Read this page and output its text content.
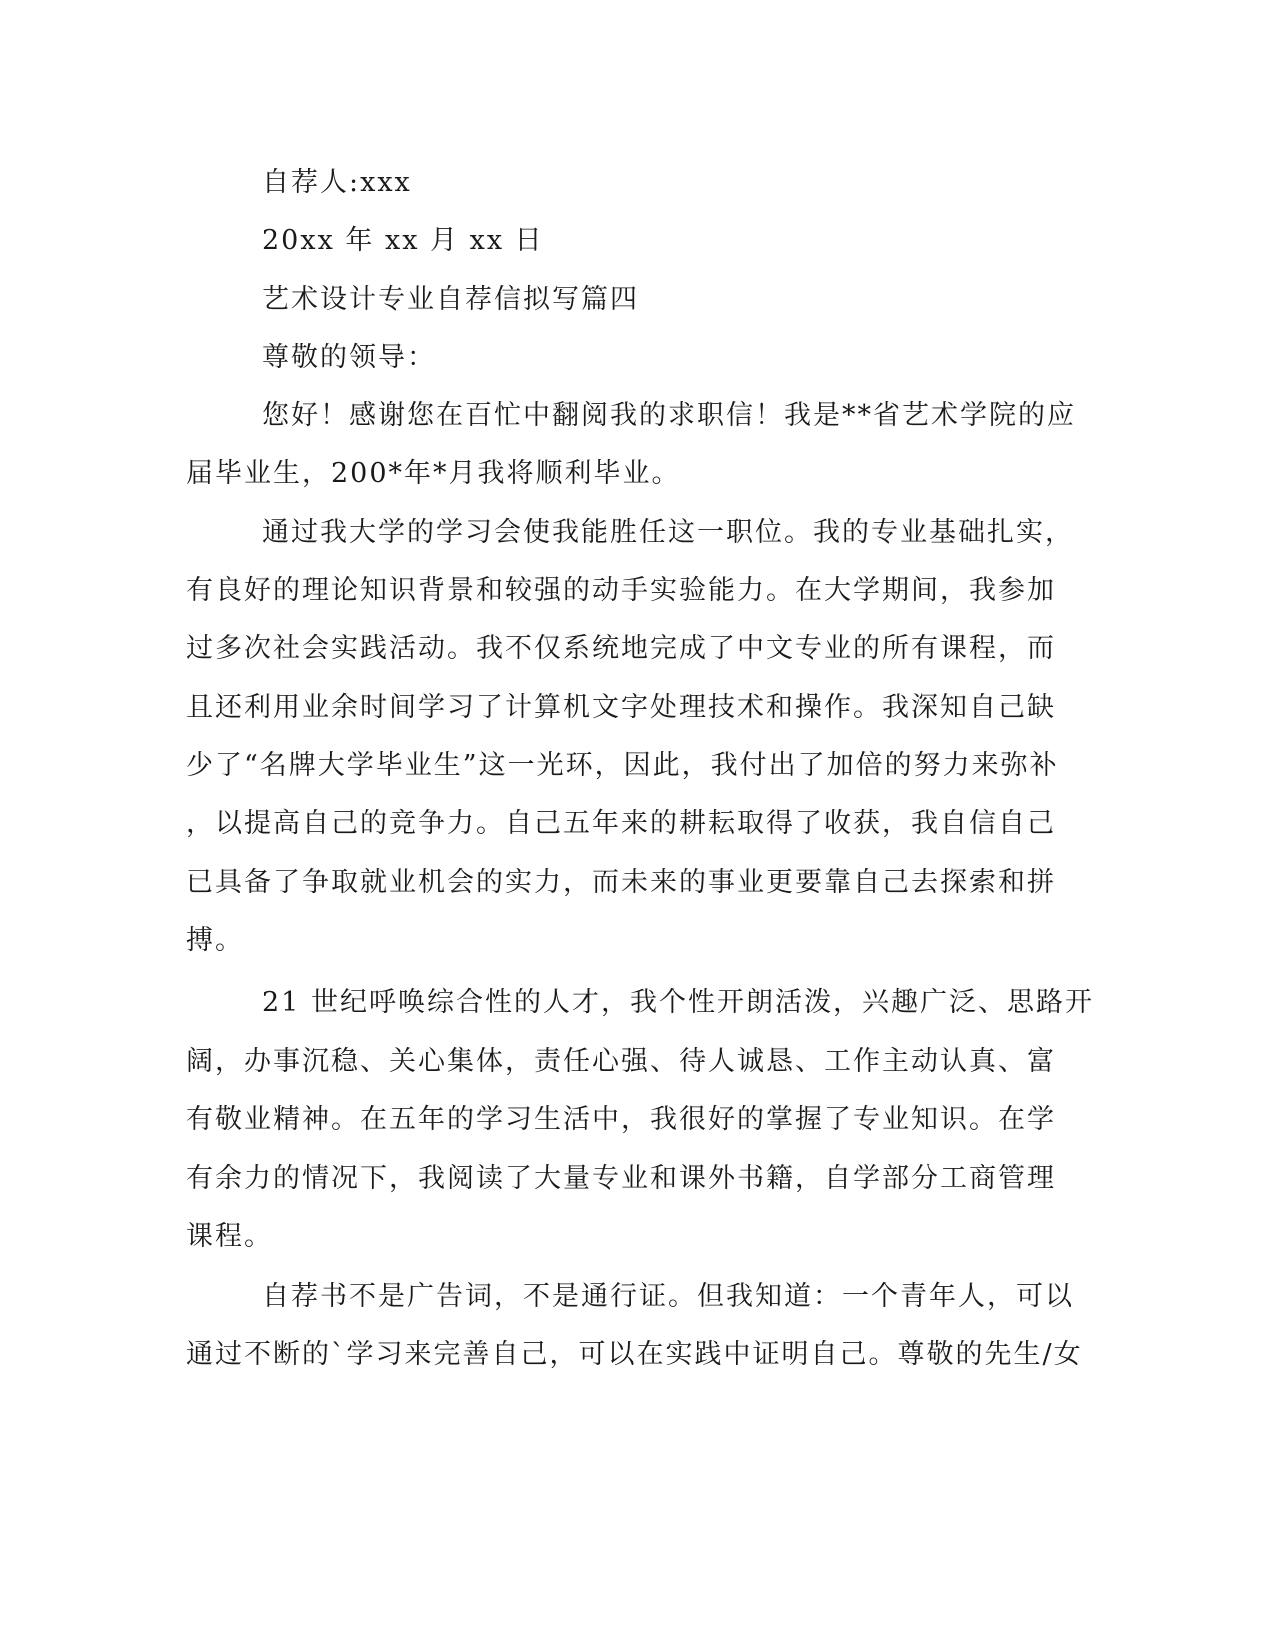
自荐人:xxx
20xx 年 xx 月 xx 日
艺术设计专业自荐信拟写篇四
尊敬的领导：
您好！感谢您在百忙中翻阅我的求职信！我是**省艺术学院的应
届毕业生，200*年*月我将顺利毕业。
通过我大学的学习会使我能胜任这一职位。我的专业基础扎实，
有良好的理论知识背景和较强的动手实验能力。在大学期间，我参加
过多次社会实践活动。我不仅系统地完成了中文专业的所有课程，而
且还利用业余时间学习了计算机文字处理技术和操作。我深知自己缺
少了“名牌大学毕业生”这一光环，因此，我付出了加倍的努力来弥补
，以提高自己的竞争力。自己五年来的耕耘取得了收获，我自信自己
已具备了争取就业机会的实力，而未来的事业更要靠自己去探索和拼
搏。
21 世纪呼唤综合性的人才，我个性开朗活泼，兴趣广泛、思路开
阔，办事沉稳、关心集体，责任心强、待人诚恳、工作主动认真、富
有敬业精神。在五年的学习生活中，我很好的掌握了专业知识。在学
有余力的情况下，我阅读了大量专业和课外书籍，自学部分工商管理
课程。
自荐书不是广告词，不是通行证。但我知道：一个青年人，可以
通过不断的`学习来完善自己，可以在实践中证明自己。尊敬的先生/女
